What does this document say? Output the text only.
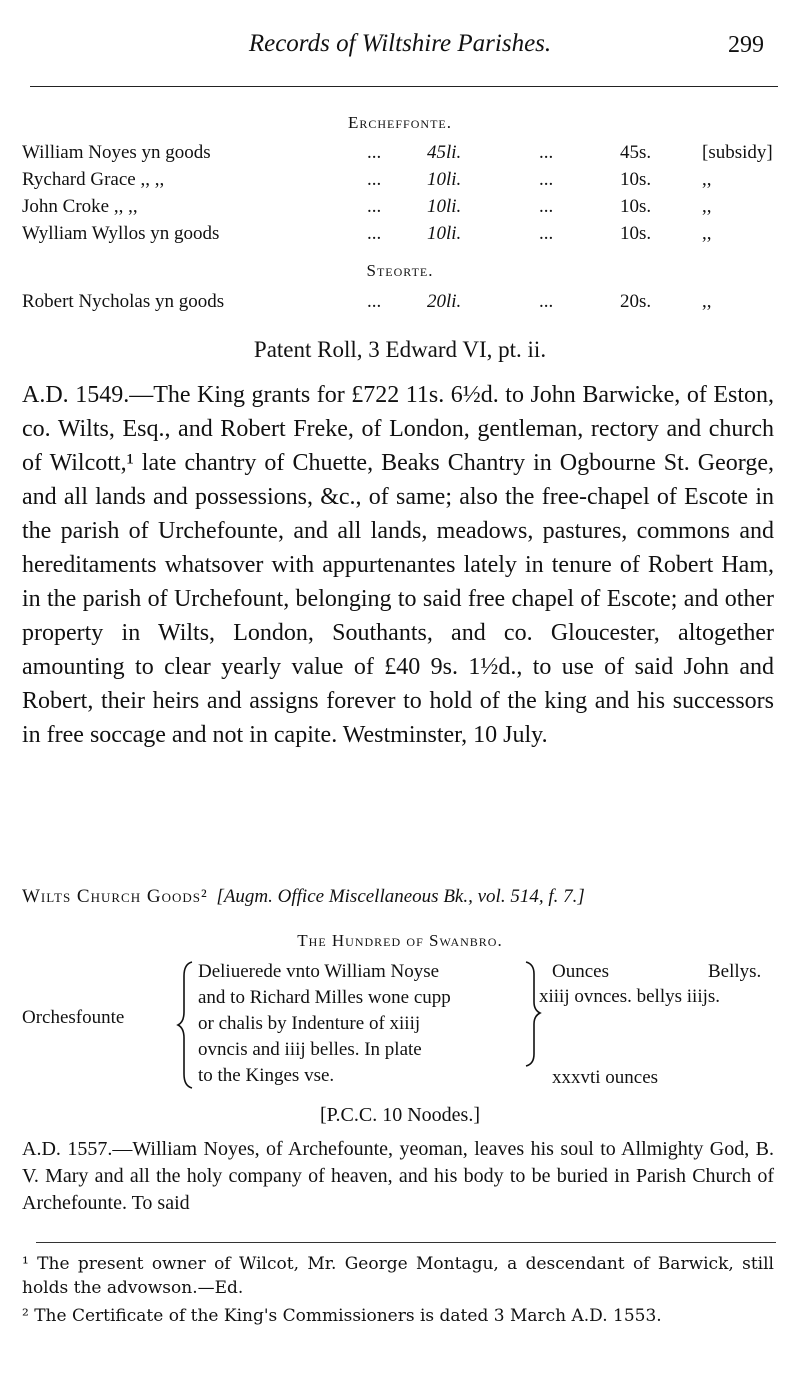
Records of Wiltshire Parishes.	299
Ercheffonte.
William Noyes yn goods	... 45li.	...	45s.	[subsidy]
Rychard Grace ,, ,,	... 10li.	...	10s.	,,
John Croke ,, ,,	... 10li.	...	10s.	,,
Wylliam Wyllos yn goods	... 10li.	...	10s.	,,
Steorte.
Robert Nycholas yn goods	... 20li.	...	20s.	,,
Patent Roll, 3 Edward VI, pt. ii.
A.D. 1549.—The King grants for £722 11s. 6½d. to John Barwicke, of Eston, co. Wilts, Esq., and Robert Freke, of London, gentleman, rectory and church of Wilcott,¹ late chantry of Chuette, Beaks Chantry in Ogbourne St. George, and all lands and possessions, &c., of same; also the free-chapel of Escote in the parish of Urchefounte, and all lands, meadows, pastures, commons and hereditaments whatsover with appurtenantes lately in tenure of Robert Ham, in the parish of Urchefount, belonging to said free chapel of Escote; and other property in Wilts, London, Southants, and co. Gloucester, altogether amounting to clear yearly value of £40 9s. 1½d., to use of said John and Robert, their heirs and assigns forever to hold of the king and his successors in free soccage and not in capite. Westminster, 10 July.
Wilts Church Goods² [Augm. Office Miscellaneous Bk., vol. 514, f. 7.]
The Hundred of Swanbro.
Orchesfounte
Deliuerede vnto William Noyse
and to Richard Milles wone cupp
or chalis by Indenture of xiiij
ovncis and iiij belles. In plate
to the Kinges vse.
Ounces	Bellys.
xiiij ovnces. bellys iiijs.
xxxvti ounces
[P.C.C. 10 Noodes.]
A.D. 1557.—William Noyes, of Archefounte, yeoman, leaves his soul to Allmighty God, B. V. Mary and all the holy company of heaven, and his body to be buried in Parish Church of Archefounte. To said
¹ The present owner of Wilcot, Mr. George Montagu, a descendant of Barwick, still holds the advowson.—Ed.
² The Certificate of the King's Commissioners is dated 3 March A.D. 1553.
